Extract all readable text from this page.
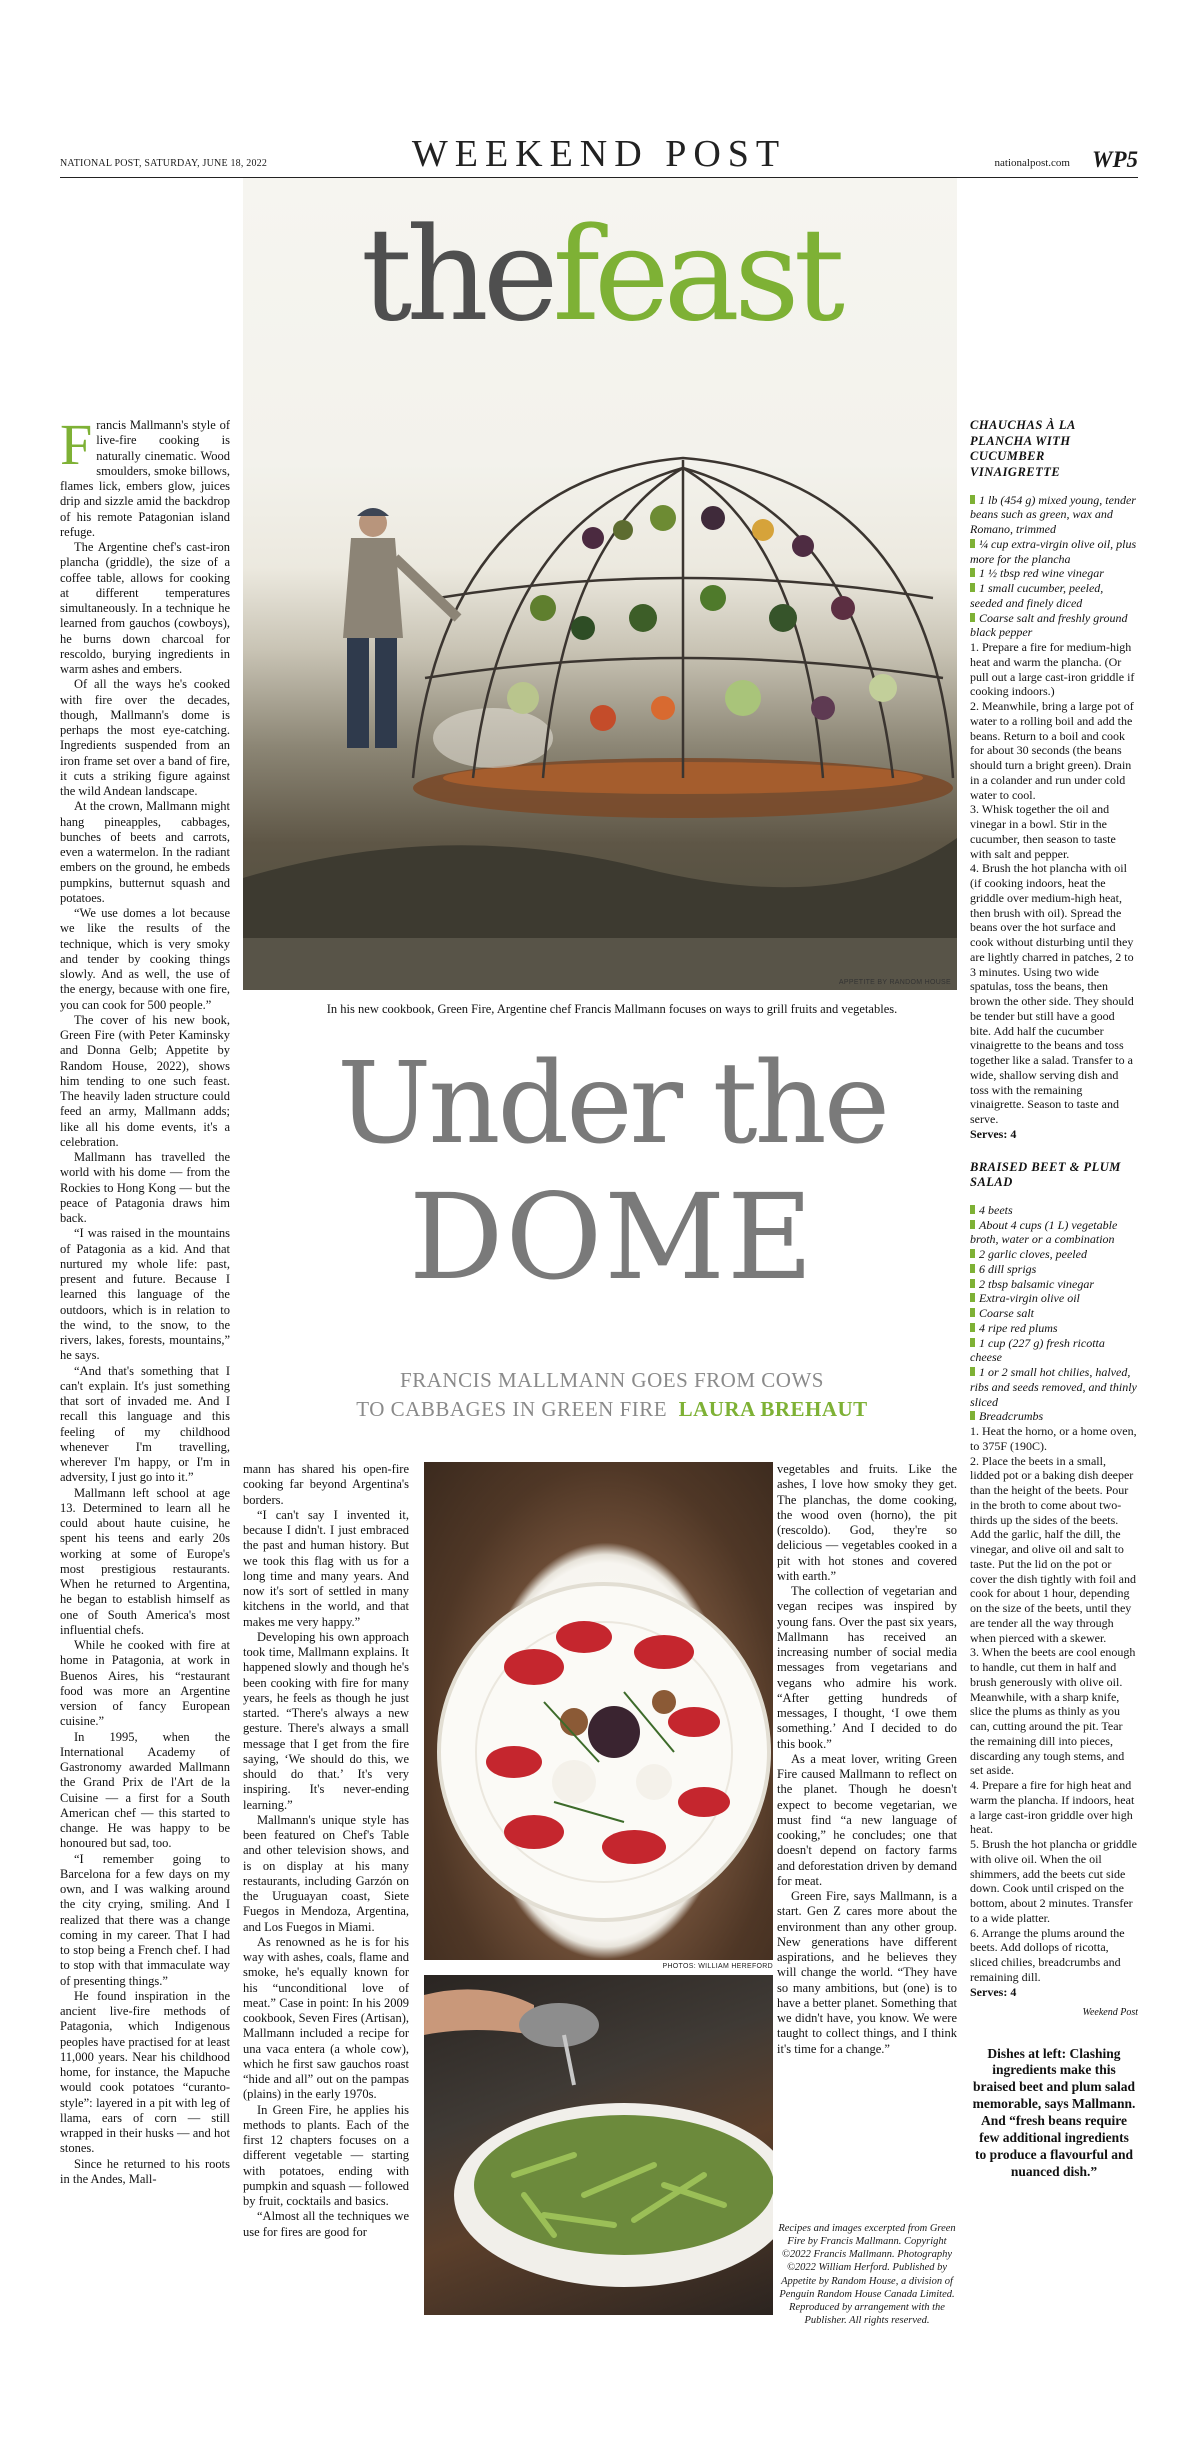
NATIONAL POST, SATURDAY, JUNE 18, 2022	WEEKEND POST	nationalpost.com WP5
thefeast
APPETITE BY RANDOM HOUSE
In his new cookbook, Green Fire, Argentine chef Francis Mallmann focuses on ways to grill fruits and vegetables.
Under the
DOME
FRANCIS MALLMANN GOES FROM COWS
TO CABBAGES IN GREEN FIRE LAURA BREHAUT
F rancis Mallmann's style of live-fire cooking is naturally cinematic. Wood smoulders, smoke billows, flames lick, embers glow, juices drip and sizzle amid the backdrop of his remote Patagonian island refuge.

The Argentine chef's cast-iron plancha (griddle), the size of a coffee table, allows for cooking at different temperatures simultaneously. In a technique he learned from gauchos (cowboys), he burns down charcoal for rescoldo, burying ingredients in warm ashes and embers.

Of all the ways he's cooked with fire over the decades, though, Mallmann's dome is perhaps the most eye-catching. Ingredients suspended from an iron frame set over a band of fire, it cuts a striking figure against the wild Andean landscape.

At the crown, Mallmann might hang pineapples, cabbages, bunches of beets and carrots, even a watermelon. In the radiant embers on the ground, he embeds pumpkins, butternut squash and potatoes.

“We use domes a lot because we like the results of the technique, which is very smoky and tender by cooking things slowly. And as well, the use of the energy, because with one fire, you can cook for 500 people.”

The cover of his new book, Green Fire (with Peter Kaminsky and Donna Gelb; Appetite by Random House, 2022), shows him tending to one such feast. The heavily laden structure could feed an army, Mallmann adds; like all his dome events, it's a celebration.

Mallmann has travelled the world with his dome — from the Rockies to Hong Kong — but the peace of Patagonia draws him back.

“I was raised in the mountains of Patagonia as a kid. And that nurtured my whole life: past, present and future. Because I learned this language of the outdoors, which is in relation to the wind, to the snow, to the rivers, lakes, forests, mountains,” he says.

“And that's something that I can't explain. It's just something that sort of invaded me. And I recall this language and this feeling of my childhood whenever I'm travelling, wherever I'm happy, or I'm in adversity, I just go into it.”

Mallmann left school at age 13. Determined to learn all he could about haute cuisine, he spent his teens and early 20s working at some of Europe's most prestigious restaurants. When he returned to Argentina, he began to establish himself as one of South America's most influential chefs.

While he cooked with fire at home in Patagonia, at work in Buenos Aires, his “restaurant food was more an Argentine version of fancy European cuisine.”

In 1995, when the International Academy of Gastronomy awarded Mallmann the Grand Prix de l'Art de la Cuisine — a first for a South American chef — this started to change. He was happy to be honoured but sad, too.

“I remember going to Barcelona for a few days on my own, and I was walking around the city crying, smiling. And I realized that there was a change coming in my career. That I had to stop being a French chef. I had to stop with that immaculate way of presenting things.”

He found inspiration in the ancient live-fire methods of Patagonia, which Indigenous peoples have practised for at least 11,000 years. Near his childhood home, for instance, the Mapuche would cook potatoes “curanto-style”: layered in a pit with leg of llama, ears of corn — still wrapped in their husks — and hot stones.

Since he returned to his roots in the Andes, Mall-

mann has shared his open-fire cooking far beyond Argentina's borders.

“I can't say I invented it, because I didn't. I just embraced the past and human history. But we took this flag with us for a long time and many years. And now it's sort of settled in many kitchens in the world, and that makes me very happy.”

Developing his own approach took time, Mallmann explains. It happened slowly and though he's been cooking with fire for many years, he feels as though he just started. “There's always a new gesture. There's always a small message that I get from the fire saying, ‘We should do this, we should do that.’ It's very inspiring. It's never-ending learning.”

Mallmann's unique style has been featured on Chef's Table and other television shows, and is on display at his many restaurants, including Garzón on the Uruguayan coast, Siete Fuegos in Mendoza, Argentina, and Los Fuegos in Miami.

As renowned as he is for his way with ashes, coals, flame and smoke, he's equally known for his “unconditional love of meat.” Case in point: In his 2009 cookbook, Seven Fires (Artisan), Mallmann included a recipe for una vaca entera (a whole cow), which he first saw gauchos roast “hide and all” out on the pampas (plains) in the early 1970s.

In Green Fire, he applies his methods to plants. Each of the first 12 chapters focuses on a different vegetable — starting with potatoes, ending with pumpkin and squash — followed by fruit, cocktails and basics.

“Almost all the techniques we use for fires are good for

PHOTOS: WILLIAM HEREFORD

vegetables and fruits. Like the ashes, I love how smoky they get. The planchas, the dome cooking, the wood oven (horno), the pit (rescoldo). God, they're so delicious — vegetables cooked in a pit with hot stones and covered with earth.”

The collection of vegetarian and vegan recipes was inspired by young fans. Over the past six years, Mallmann has received an increasing number of social media messages from vegetarians and vegans who admire his work. “After getting hundreds of messages, I thought, ‘I owe them something.’ And I decided to do this book.”

As a meat lover, writing Green Fire caused Mallmann to reflect on the planet. Though he doesn't expect to become vegetarian, we must find “a new language of cooking,” he concludes; one that doesn't depend on factory farms and deforestation driven by demand for meat.

Green Fire, says Mallmann, is a start. Gen Z cares more about the environment than any other group. New generations have different aspirations, and he believes they will change the world. “They have so many ambitions, but (one) is to have a better planet. Something that we didn't have, you know. We were taught to collect things, and I think it's time for a change.”

Recipes and images excerpted from Green Fire by Francis Mallmann. Copyright ©2022 Francis Mallmann. Photography ©2022 William Herford. Published by Appetite by Random House, a division of Penguin Random House Canada Limited. Reproduced by arrangement with the Publisher. All rights reserved.
CHAUCHAS À LA PLANCHA WITH CUCUMBER VINAIGRETTE
1 lb (454 g) mixed young, tender beans such as green, wax and Romano, trimmed
¼ cup extra-virgin olive oil, plus more for the plancha
1 ½ tbsp red wine vinegar
1 small cucumber, peeled, seeded and finely diced
Coarse salt and freshly ground black pepper
1. Prepare a fire for medium-high heat and warm the plancha. (Or pull out a large cast-iron griddle if cooking indoors.)
2. Meanwhile, bring a large pot of water to a rolling boil and add the beans. Return to a boil and cook for about 30 seconds (the beans should turn a bright green). Drain in a colander and run under cold water to cool.
3. Whisk together the oil and vinegar in a bowl. Stir in the cucumber, then season to taste with salt and pepper.
4. Brush the hot plancha with oil (if cooking indoors, heat the griddle over medium-high heat, then brush with oil). Spread the beans over the hot surface and cook without disturbing until they are lightly charred in patches, 2 to 3 minutes. Using two wide spatulas, toss the beans, then brown the other side. They should be tender but still have a good bite. Add half the cucumber vinaigrette to the beans and toss together like a salad. Transfer to a wide, shallow serving dish and toss with the remaining vinaigrette. Season to taste and serve.
Serves: 4
BRAISED BEET & PLUM SALAD
4 beets
About 4 cups (1 L) vegetable broth, water or a combination
2 garlic cloves, peeled
6 dill sprigs
2 tbsp balsamic vinegar
Extra-virgin olive oil
Coarse salt
4 ripe red plums
1 cup (227 g) fresh ricotta cheese
1 or 2 small hot chilies, halved, ribs and seeds removed, and thinly sliced
Breadcrumbs
1. Heat the horno, or a home oven, to 375F (190C).
2. Place the beets in a small, lidded pot or a baking dish deeper than the height of the beets. Pour in the broth to come about two-thirds up the sides of the beets. Add the garlic, half the dill, the vinegar, and olive oil and salt to taste. Put the lid on the pot or cover the dish tightly with foil and cook for about 1 hour, depending on the size of the beets, until they are tender all the way through when pierced with a skewer.
3. When the beets are cool enough to handle, cut them in half and brush generously with olive oil. Meanwhile, with a sharp knife, slice the plums as thinly as you can, cutting around the pit. Tear the remaining dill into pieces, discarding any tough stems, and set aside.
4. Prepare a fire for high heat and warm the plancha. If indoors, heat a large cast-iron griddle over high heat.
5. Brush the hot plancha or griddle with olive oil. When the oil shimmers, add the beets cut side down. Cook until crisped on the bottom, about 2 minutes. Transfer to a wide platter.
6. Arrange the plums around the beets. Add dollops of ricotta, sliced chilies, breadcrumbs and remaining dill.
Serves: 4
Weekend Post
Dishes at left: Clashing ingredients make this braised beet and plum salad memorable, says Mallmann. And “fresh beans require few additional ingredients to produce a flavourful and nuanced dish.”
